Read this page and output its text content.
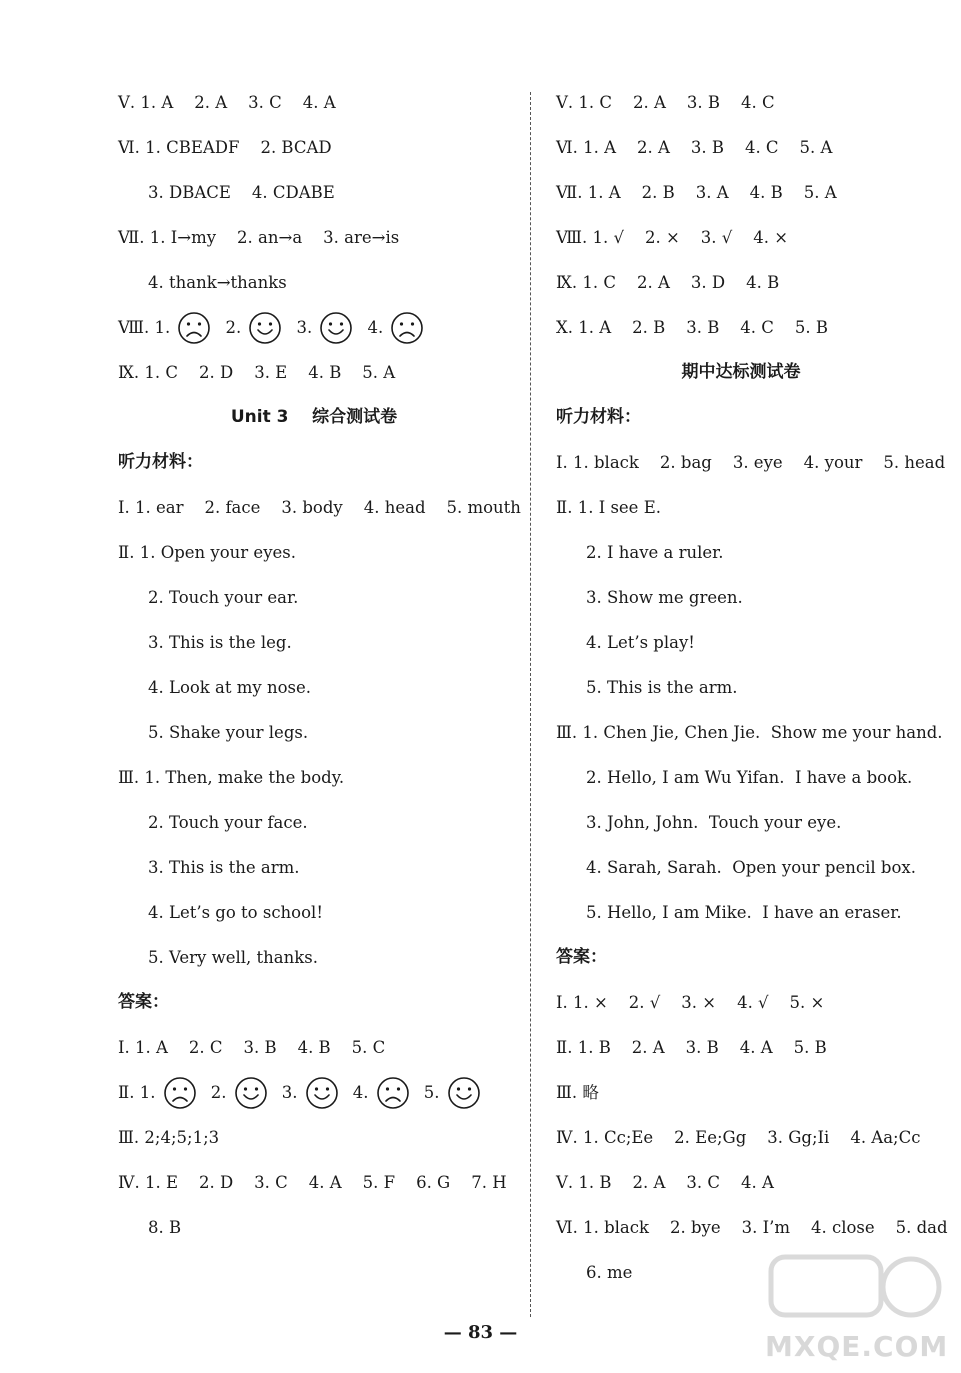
Ⅴ. 1. A    2. A    3. C    4. A
Ⅵ. 1. CBEADF    2. BCAD
3. DBACE    4. CDABE
Ⅶ. 1. I→my    2. an→a    3. are→is
4. thank→thanks
Ⅷ. 1.	2.	3.	4.
Ⅸ. 1. C    2. D    3. E    4. B    5. A
Unit 3    综合测试卷
听力材料：
Ⅰ. 1. ear    2. face    3. body    4. head    5. mouth
Ⅱ. 1. Open your eyes.
2. Touch your ear.
3. This is the leg.
4. Look at my nose.
5. Shake your legs.
Ⅲ. 1. Then, make the body.
2. Touch your face.
3. This is the arm.
4. Let’s go to school!
5. Very well, thanks.
答案：
Ⅰ. 1. A    2. C    3. B    4. B    5. C
Ⅱ. 1.	2.	3.	4.	5.
Ⅲ. 2;4;5;1;3
Ⅳ. 1. E    2. D    3. C    4. A    5. F    6. G    7. H
8. B
Ⅴ. 1. C    2. A    3. B    4. C
Ⅵ. 1. A    2. A    3. B    4. C    5. A
Ⅶ. 1. A    2. B    3. A    4. B    5. A
Ⅷ. 1. √    2. ×    3. √    4. ×
Ⅸ. 1. C    2. A    3. D    4. B
Ⅹ. 1. A    2. B    3. B    4. C    5. B
期中达标测试卷
听力材料：
Ⅰ. 1. black    2. bag    3. eye    4. your    5. head
Ⅱ. 1. I see E.
2. I have a ruler.
3. Show me green.
4. Let’s play!
5. This is the arm.
Ⅲ. 1. Chen Jie, Chen Jie.  Show me your hand.
2. Hello, I am Wu Yifan.  I have a book.
3. John, John.  Touch your eye.
4. Sarah, Sarah.  Open your pencil box.
5. Hello, I am Mike.  I have an eraser.
答案：
Ⅰ. 1. ×    2. √    3. ×    4. √    5. ×
Ⅱ. 1. B    2. A    3. B    4. A    5. B
Ⅲ. 略
Ⅳ. 1. Cc;Ee    2. Ee;Gg    3. Gg;Ii    4. Aa;Cc
Ⅴ. 1. B    2. A    3. C    4. A
Ⅵ. 1. black    2. bye    3. I’m    4. close    5. dad
6. me
— 83 —	MXQE.COM
